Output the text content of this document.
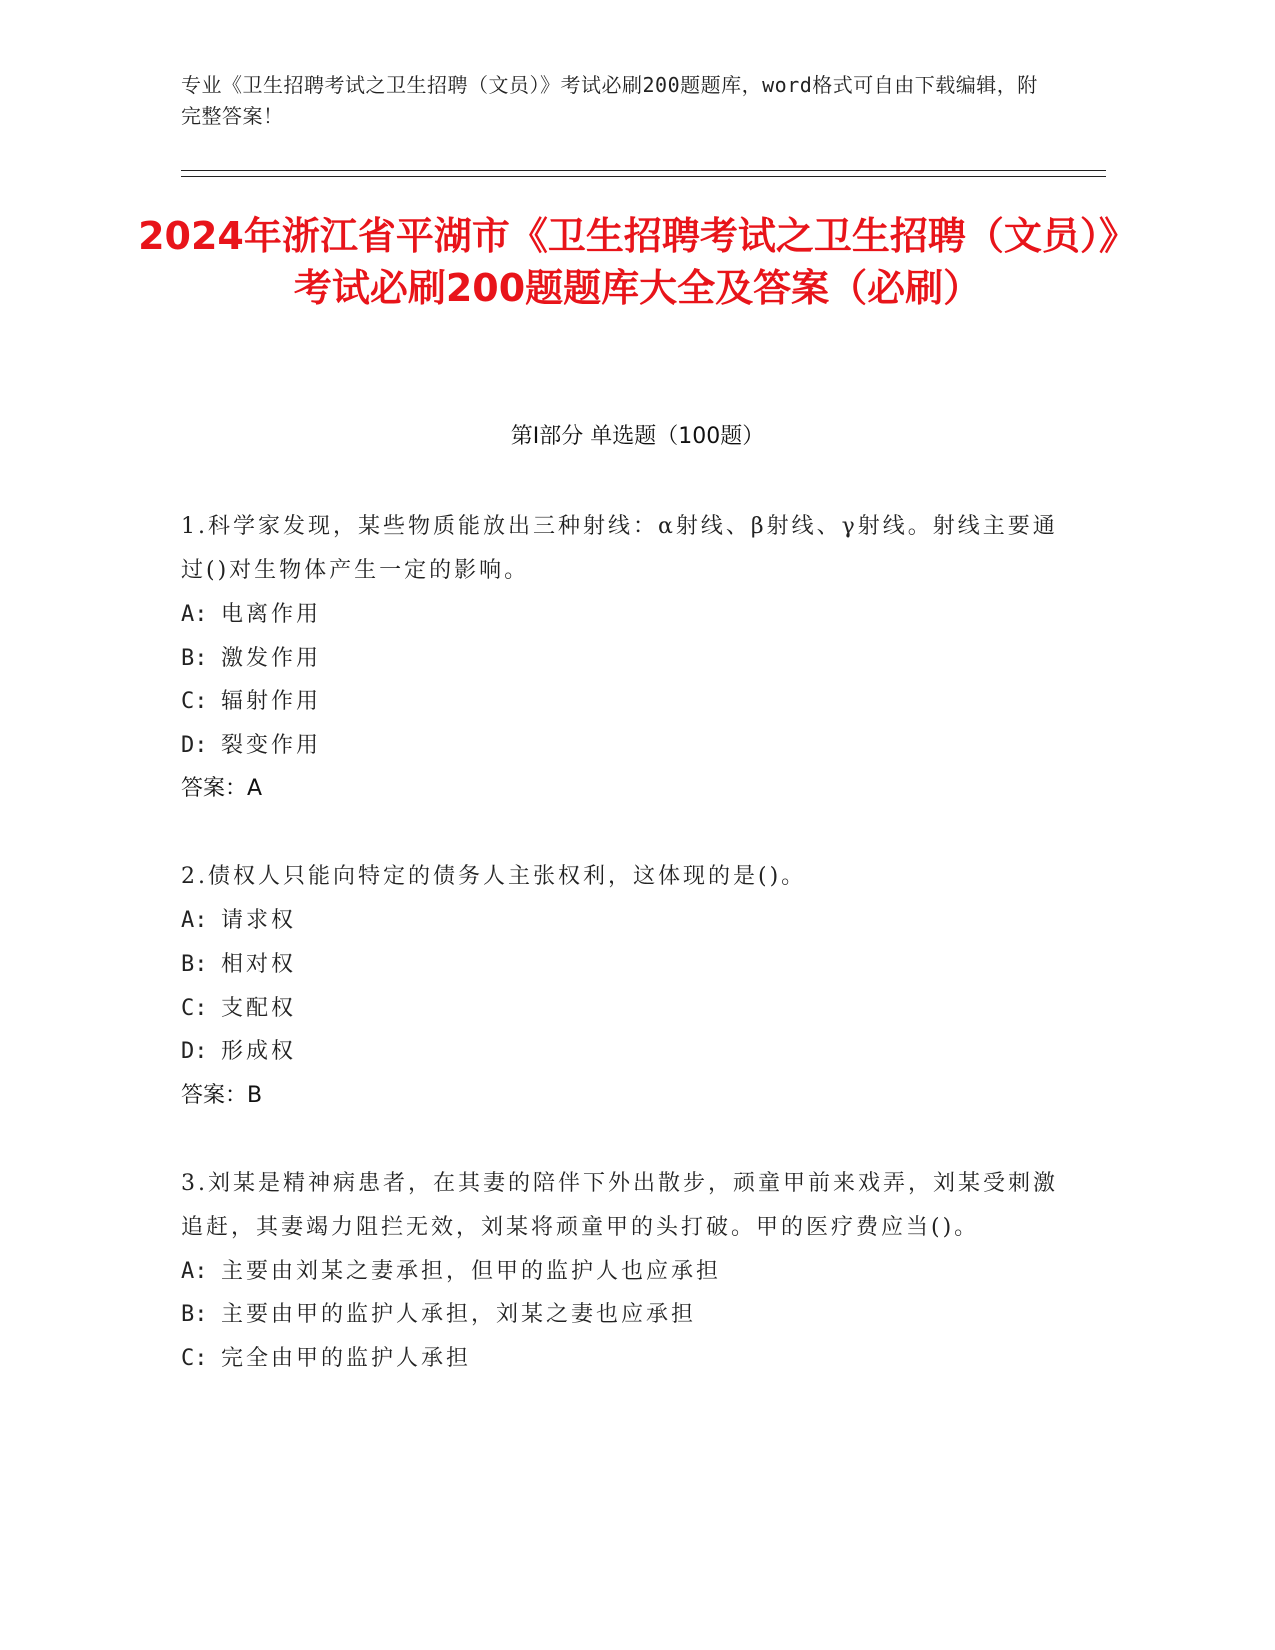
专业《卫生招聘考试之卫生招聘（文员）》考试必刷200题题库，word格式可自由下载编辑，附完整答案！
2024年浙江省平湖市《卫生招聘考试之卫生招聘（文员）》考试必刷200题题库大全及答案（必刷）
第Ⅰ部分 单选题（100题）

1.科学家发现，某些物质能放出三种射线：α射线、β射线、γ射线。射线主要通过()对生物体产生一定的影响。

A: 电离作用

B: 激发作用

C: 辐射作用

D: 裂变作用

答案：A

2.债权人只能向特定的债务人主张权利，这体现的是()。

A: 请求权

B: 相对权

C: 支配权

D: 形成权

答案：B

3.刘某是精神病患者，在其妻的陪伴下外出散步，顽童甲前来戏弄，刘某受刺激追赶，其妻竭力阻拦无效，刘某将顽童甲的头打破。甲的医疗费应当()。

A: 主要由刘某之妻承担，但甲的监护人也应承担

B: 主要由甲的监护人承担，刘某之妻也应承担

C: 完全由甲的监护人承担
